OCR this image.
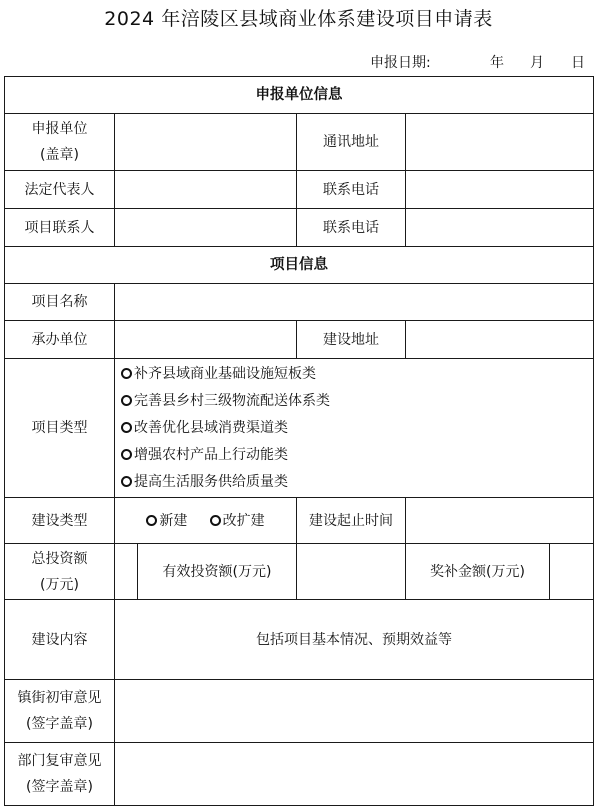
2024 年涪陵区县域商业体系建设项目申请表
申报日期:	年 月 日
申报单位信息					

申报单位
(盖章)			通讯地址		
法定代表人			联系电话		
项目联系人			联系电话		
项目信息					
项目名称					
承办单位			建设地址		
项目类型	补齐县域商业基础设施短板类
完善县乡村三级物流配送体系类
改善优化县域消费渠道类
增强农村产品上行动能类
提高生活服务供给质量类				

建设类型	新建 改扩建		建设起止时间		

总投资额
(万元)		有效投资额(万元)		奖补金额(万元)	
建设内容	包括项目基本情况、预期效益等				

镇街初审意见
(签字盖章)					

部门复审意见
(签字盖章)					
